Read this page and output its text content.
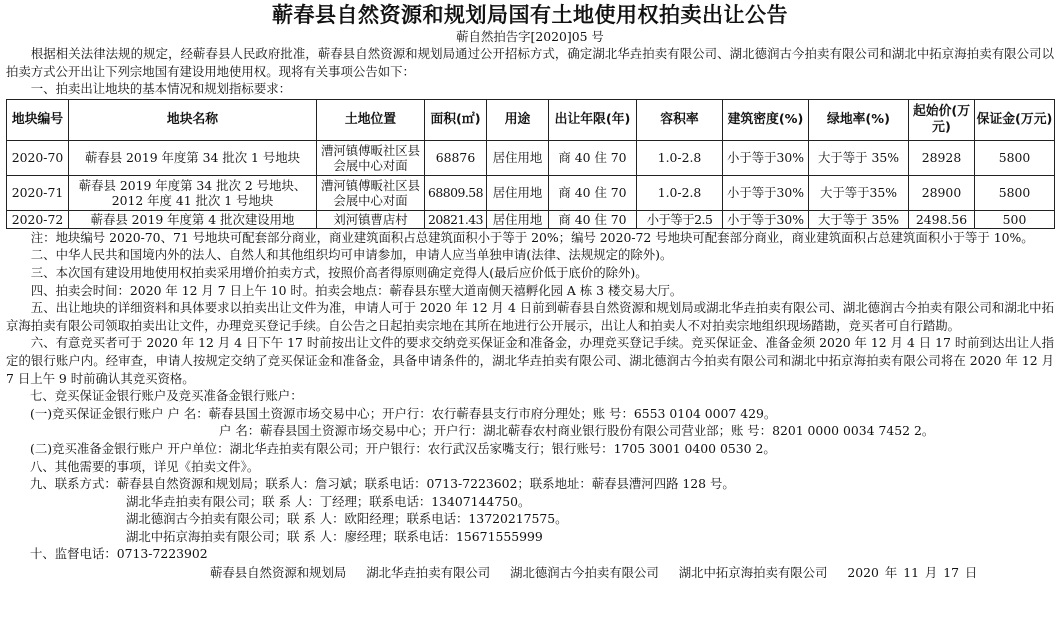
蕲春县自然资源和规划局国有土地使用权拍卖出让公告
蕲自然拍告字[2020]05 号

根据相关法律法规的规定，经蕲春县人民政府批准，蕲春县自然资源和规划局通过公开招标方式，确定湖北华垚拍卖有限公司、湖北德润古今拍卖有限公司和湖北中拓京海拍卖有限公司以拍卖方式公开出让下列宗地国有建设用地使用权。现将有关事项公告如下：

一、拍卖出让地块的基本情况和规划指标要求：

地块编号	地块名称	土地位置	面积(㎡)	用途	出让年限(年)	容积率	建筑密度(%)	绿地率(%)	起始价(万元)	保证金(万元)
2020-70	蕲春县 2019 年度第 34 批次 1 号地块	漕河镇傅畈社区县会展中心对面	68876	居住用地	商 40 住 70	1.0-2.8	小于等于30%	大于等于 35%	28928	5800
2020-71	蕲春县 2019 年度第 34 批次 2 号地块、2012 年度 41 批次 1 号地块	漕河镇傅畈社区县会展中心对面	68809.58	居住用地	商 40 住 70	1.0-2.8	小于等于30%	大于等于35%	28900	5800
2020-72	蕲春县 2019 年度第 4 批次建设用地	刘河镇曹店村	20821.43	居住用地	商 40 住 70	小于等于2.5	小于等于30%	大于等于 35%	2498.56	500

注：地块编号 2020-70、71 号地块可配套部分商业，商业建筑面积占总建筑面积小于等于 20%；编号 2020-72 号地块可配套部分商业，商业建筑面积占总建筑面积小于等于 10%。

二、中华人民共和国境内外的法人、自然人和其他组织均可申请参加，申请人应当单独申请(法律、法规规定的除外)。

三、本次国有建设用地使用权拍卖采用增价拍卖方式，按照价高者得原则确定竞得人(最后应价低于底价的除外)。

四、拍卖会时间：2020 年 12 月 7 日上午 10 时。拍卖会地点：蕲春县东壁大道南侧天禧孵化园 A 栋 3 楼交易大厅。

五、出让地块的详细资料和具体要求以拍卖出让文件为准，申请人可于 2020 年 12 月 4 日前到蕲春县自然资源和规划局或湖北华垚拍卖有限公司、湖北德润古今拍卖有限公司和湖北中拓京海拍卖有限公司领取拍卖出让文件，办理竞买登记手续。自公告之日起拍卖宗地在其所在地进行公开展示，出让人和拍卖人不对拍卖宗地组织现场踏勘，竞买者可自行踏勘。

六、有意竞买者可于 2020 年 12 月 4 日下午 17 时前按出让文件的要求交纳竞买保证金和准备金，办理竞买登记手续。竞买保证金、准备金须 2020 年 12 月 4 日 17 时前到达出让人指定的银行账户内。经审查，申请人按规定交纳了竞买保证金和准备金，具备申请条件的，湖北华垚拍卖有限公司、湖北德润古今拍卖有限公司和湖北中拓京海拍卖有限公司将在 2020 年 12 月 7 日上午 9 时前确认其竞买资格。

七、竞买保证金银行账户及竞买准备金银行账户：

(一)竞买保证金银行账户 户 名：蕲春县国土资源市场交易中心；开户行：农行蕲春县支行市府分理处；账 号：6553 0104 0007 429。

户 名：蕲春县国土资源市场交易中心；开户行：湖北蕲春农村商业银行股份有限公司营业部；账 号：8201 0000 0034 7452 2。

(二)竞买准备金银行账户 开户单位：湖北华垚拍卖有限公司；开户银行：农行武汉岳家嘴支行；银行账号：1705 3001 0400 0530 2。

八、其他需要的事项，详见《拍卖文件》。

九、联系方式：蕲春县自然资源和规划局；联系人：詹习斌；联系电话：0713-7223602；联系地址：蕲春县漕河四路 128 号。

湖北华垚拍卖有限公司；联 系 人：丁经理；联系电话：13407144750。

湖北德润古今拍卖有限公司；联 系 人：欧阳经理；联系电话：13720217575。

湖北中拓京海拍卖有限公司；联 系 人：廖经理；联系电话：15671555999

十、监督电话：0713-7223902

蕲春县自然资源和规划局 湖北华垚拍卖有限公司 湖北德润古今拍卖有限公司 湖北中拓京海拍卖有限公司 2020 年 11 月 17 日
